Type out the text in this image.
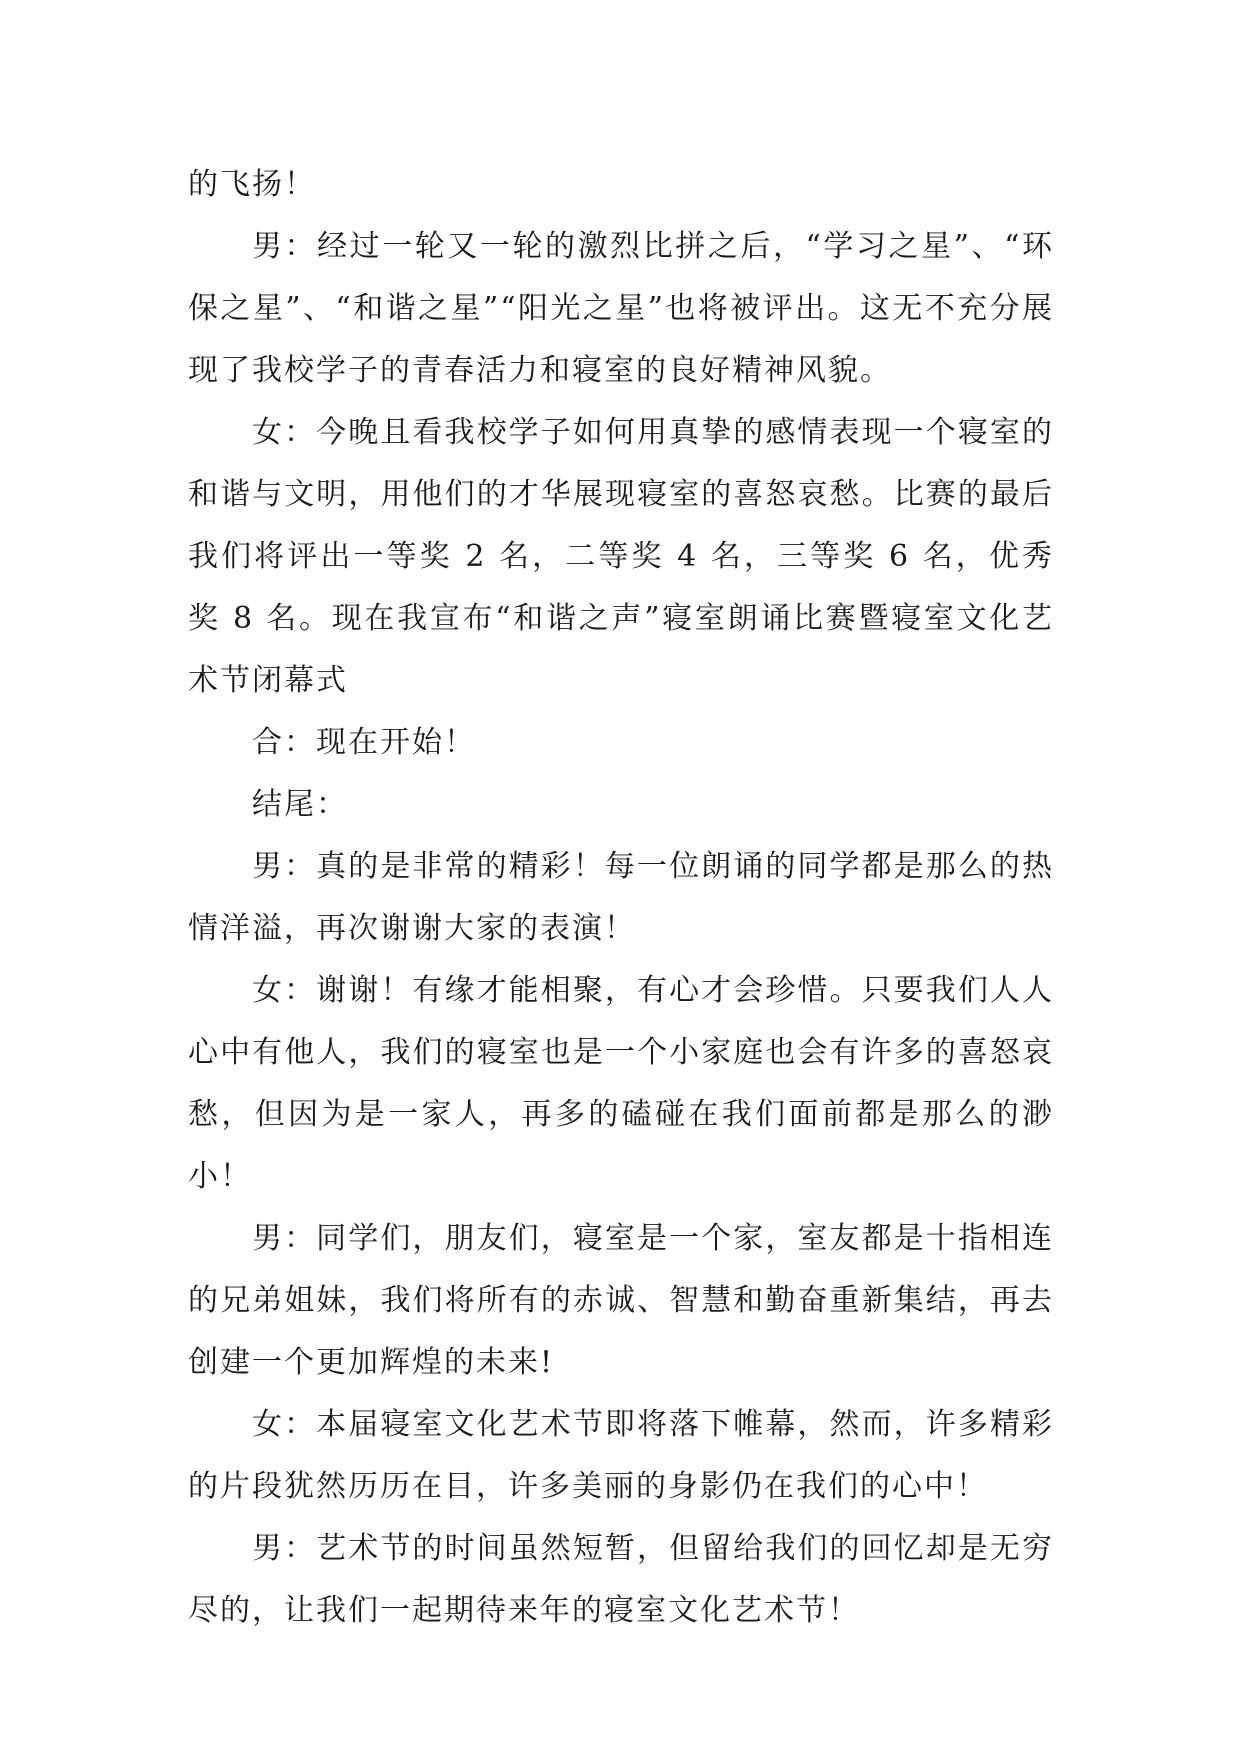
的飞扬！

男：经过一轮又一轮的激烈比拼之后，“学习之星”、“环保之星”、“和谐之星”“阳光之星”也将被评出。这无不充分展现了我校学子的青春活力和寝室的良好精神风貌。

女：今晚且看我校学子如何用真挚的感情表现一个寝室的和谐与文明，用他们的才华展现寝室的喜怒哀愁。比赛的最后我们将评出一等奖 2 名，二等奖 4 名，三等奖 6 名，优秀奖 8 名。现在我宣布“和谐之声”寝室朗诵比赛暨寝室文化艺术节闭幕式

合：现在开始！

结尾：

男：真的是非常的精彩！每一位朗诵的同学都是那么的热情洋溢，再次谢谢大家的表演！

女：谢谢！有缘才能相聚，有心才会珍惜。只要我们人人心中有他人，我们的寝室也是一个小家庭也会有许多的喜怒哀愁，但因为是一家人，再多的磕碰在我们面前都是那么的渺小！

男：同学们，朋友们，寝室是一个家，室友都是十指相连的兄弟姐妹，我们将所有的赤诚、智慧和勤奋重新集结，再去创建一个更加辉煌的未来!

女：本届寝室文化艺术节即将落下帷幕，然而，许多精彩的片段犹然历历在目，许多美丽的身影仍在我们的心中！

男：艺术节的时间虽然短暂，但留给我们的回忆却是无穷尽的，让我们一起期待来年的寝室文化艺术节！
